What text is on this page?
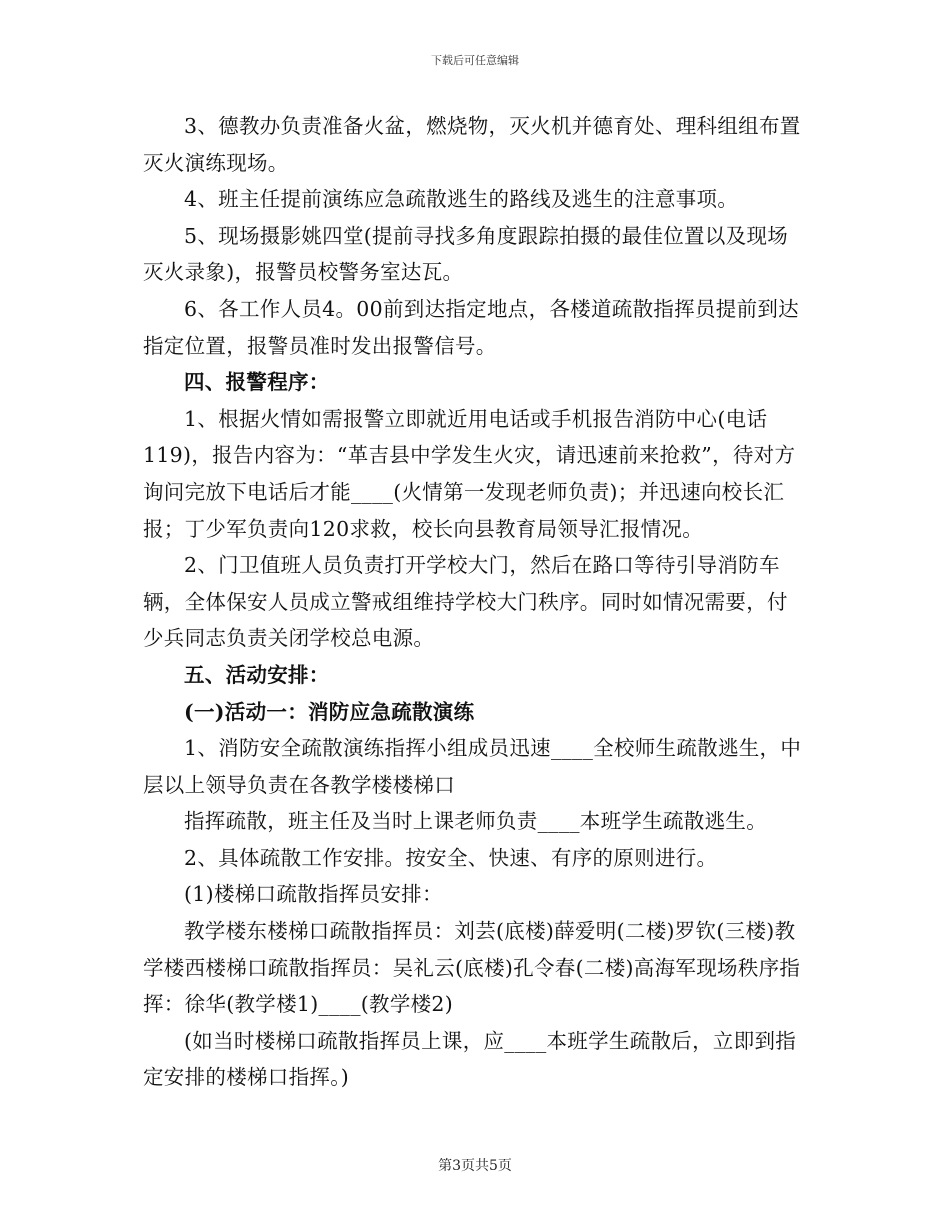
下载后可任意编辑

3、德教办负责准备火盆，燃烧物，灭火机并德育处、理科组组布置灭火演练现场。

4、班主任提前演练应急疏散逃生的路线及逃生的注意事项。

5、现场摄影姚四堂(提前寻找多角度跟踪拍摄的最佳位置以及现场灭火录象)，报警员校警务室达瓦。

6、各工作人员4。00前到达指定地点，各楼道疏散指挥员提前到达指定位置，报警员准时发出报警信号。

四、报警程序：

1、根据火情如需报警立即就近用电话或手机报告消防中心(电话119)，报告内容为：“革吉县中学发生火灾，请迅速前来抢救”，待对方询问完放下电话后才能____(火情第一发现老师负责)；并迅速向校长汇报；丁少军负责向120求救，校长向县教育局领导汇报情况。

2、门卫值班人员负责打开学校大门，然后在路口等待引导消防车辆，全体保安人员成立警戒组维持学校大门秩序。同时如情况需要，付少兵同志负责关闭学校总电源。

五、活动安排：

(一)活动一：消防应急疏散演练

1、消防安全疏散演练指挥小组成员迅速____全校师生疏散逃生，中层以上领导负责在各教学楼楼梯口

指挥疏散，班主任及当时上课老师负责____本班学生疏散逃生。

2、具体疏散工作安排。按安全、快速、有序的原则进行。

(1)楼梯口疏散指挥员安排：

教学楼东楼梯口疏散指挥员：刘芸(底楼)薛爱明(二楼)罗钦(三楼)教学楼西楼梯口疏散指挥员：吴礼云(底楼)孔令春(二楼)高海军现场秩序指挥：徐华(教学楼1)____(教学楼2)

(如当时楼梯口疏散指挥员上课，应____本班学生疏散后，立即到指定安排的楼梯口指挥。)

第3页共5页
